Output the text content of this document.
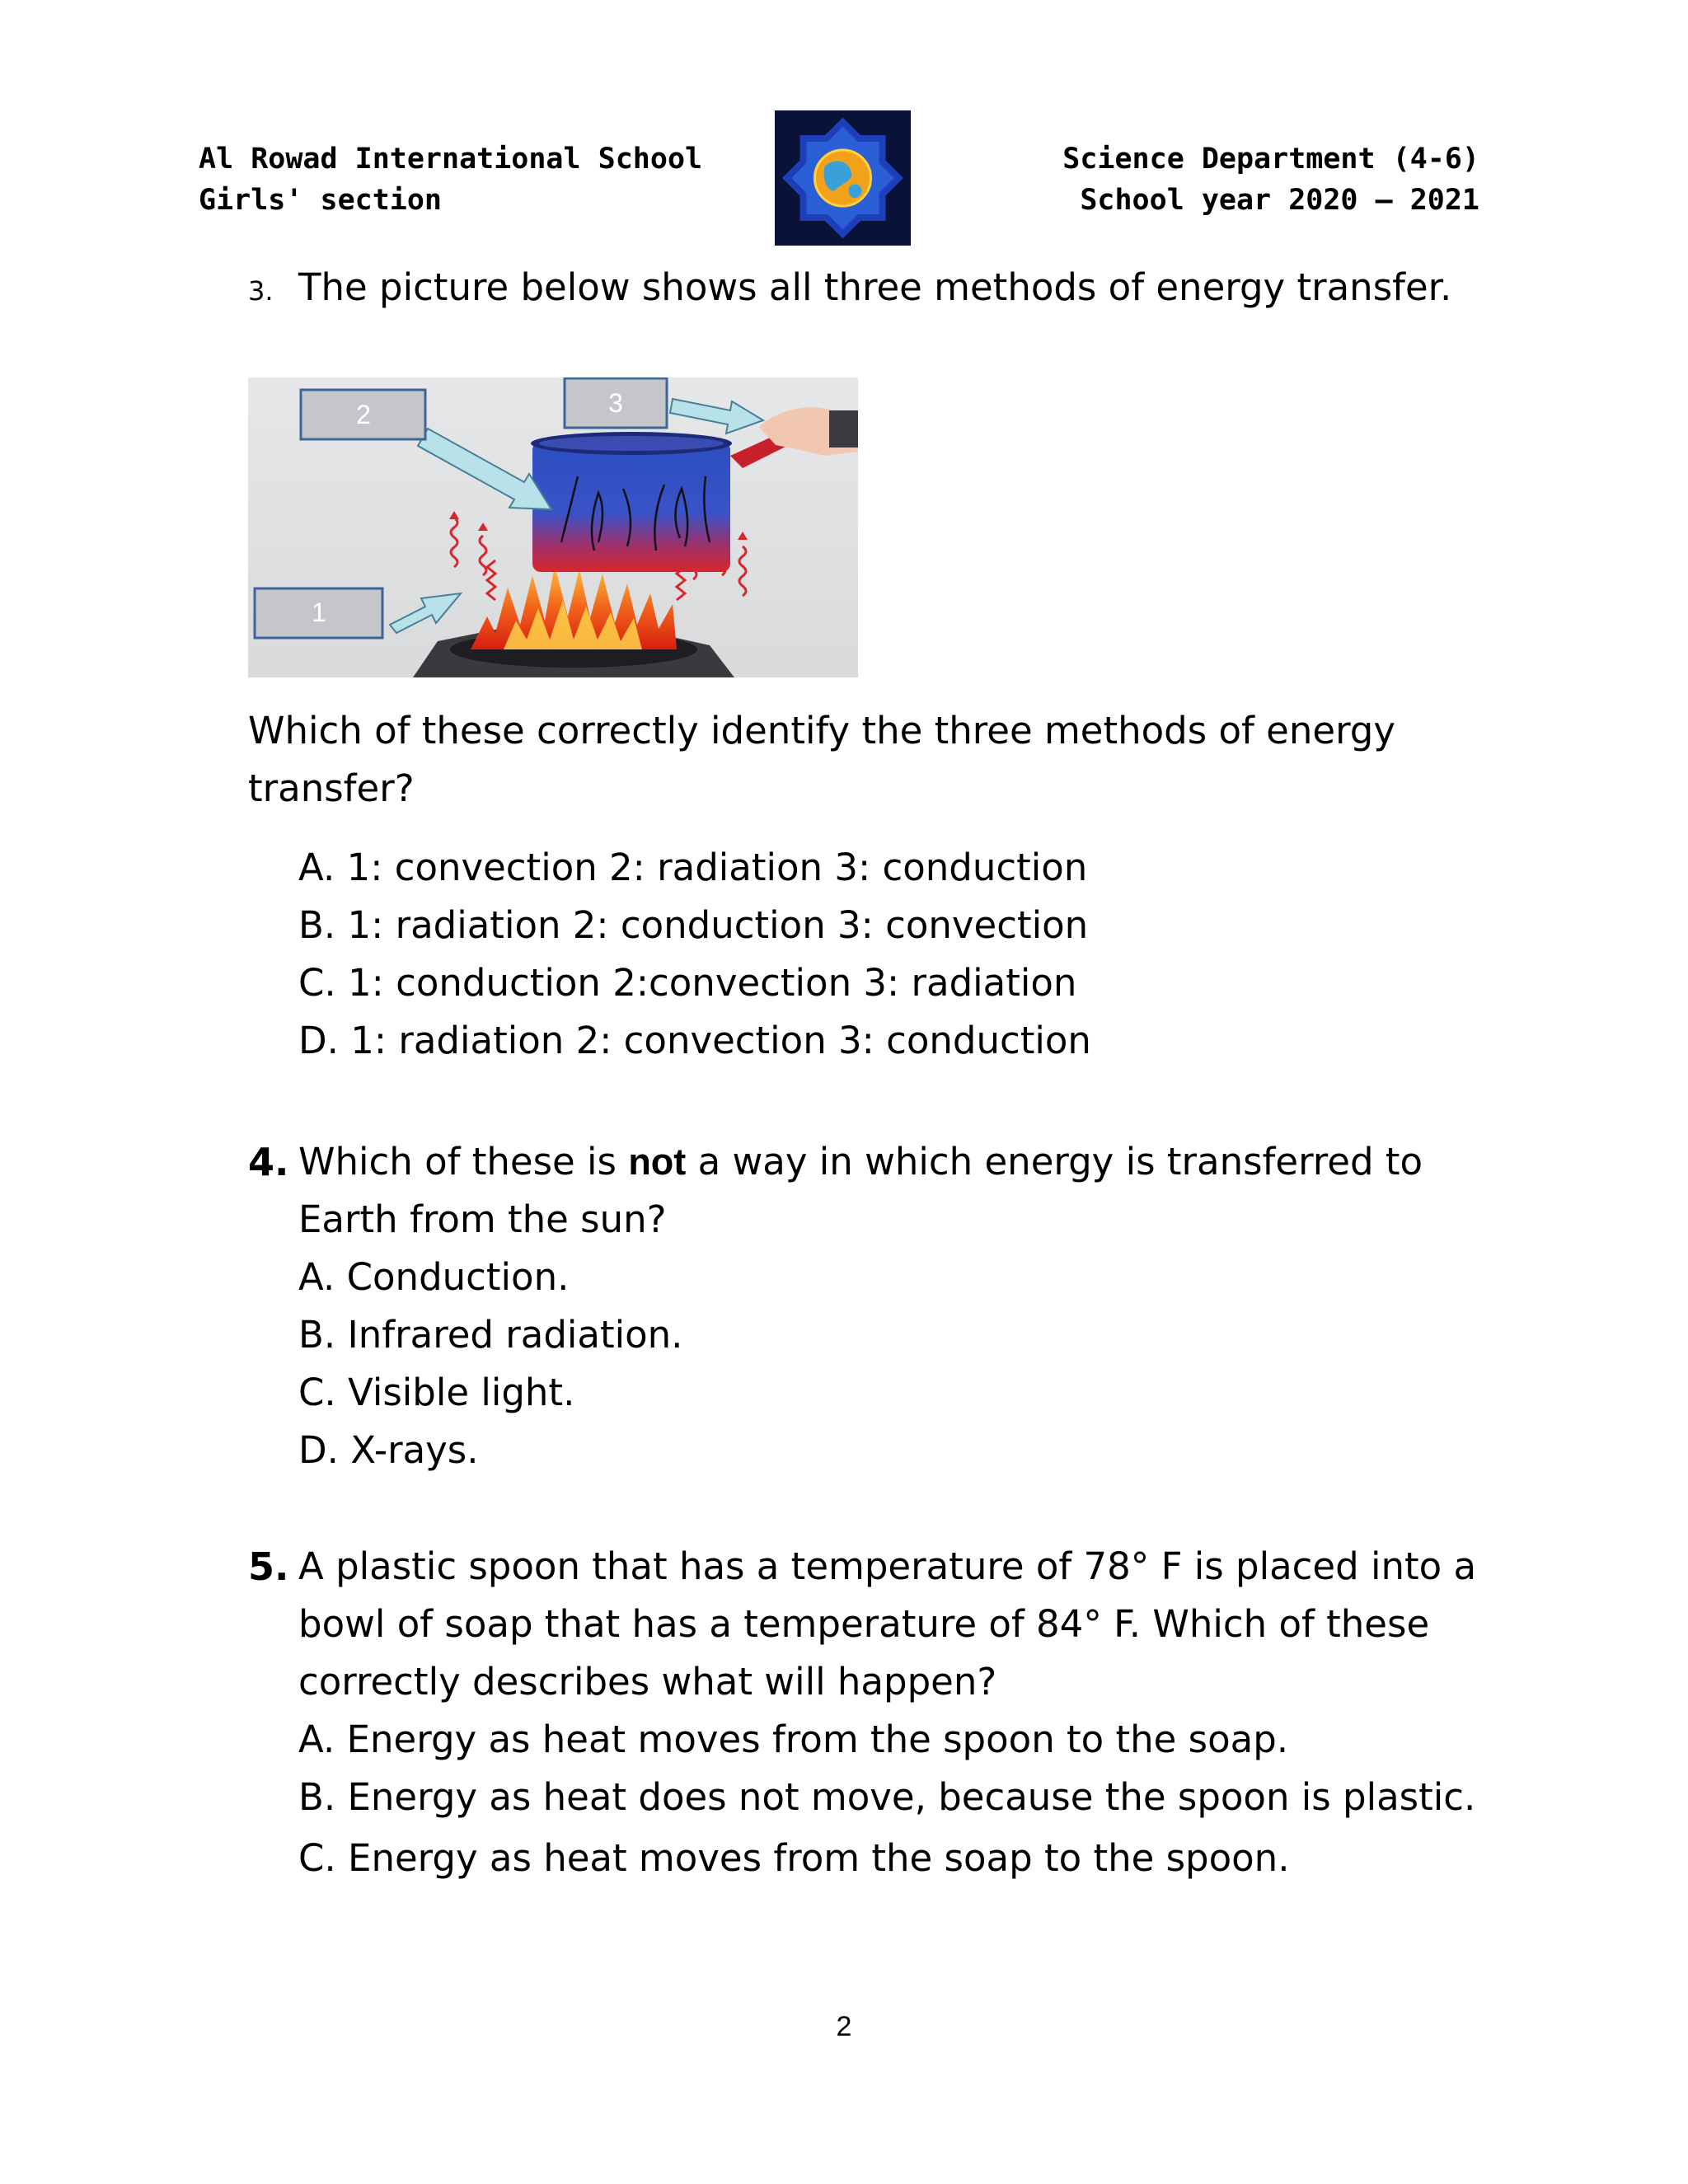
Al Rowad International School
Girls' section
Science Department (4-6)
School year 2020 – 2021
3. The picture below shows all three methods of energy transfer.
1
2	3
Which of these correctly identify the three methods of energy
transfer?
A. 1: convection 2: radiation 3: conduction
B. 1: radiation 2: conduction 3: convection
C. 1: conduction 2:convection 3: radiation
D. 1: radiation 2: convection 3: conduction
4. Which of these is not a way in which energy is transferred to
Earth from the sun?
A. Conduction.
B. Infrared radiation.
C. Visible light.
D. X-rays.
5. A plastic spoon that has a temperature of 78° F is placed into a
bowl of soap that has a temperature of 84° F. Which of these
correctly describes what will happen?
A. Energy as heat moves from the spoon to the soap.
B. Energy as heat does not move, because the spoon is plastic.
C. Energy as heat moves from the soap to the spoon.
2
